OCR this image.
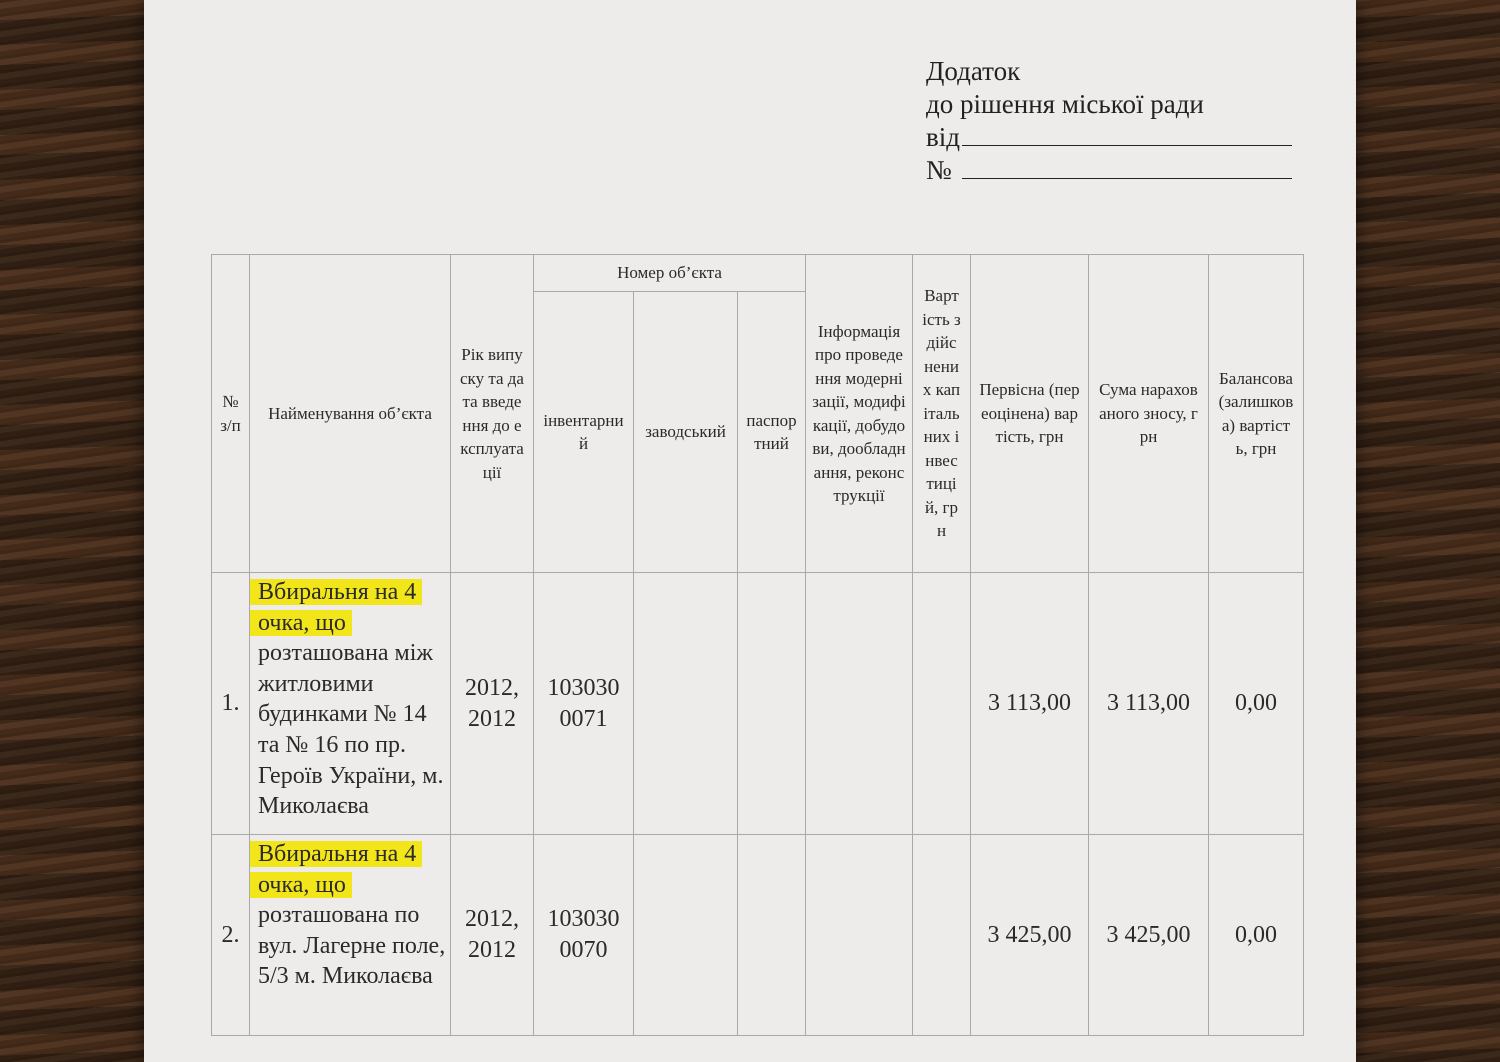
Додаток
до рішення міської ради
від
№
№ з/п	Найменування об’єкта	Рік випуску та дата введення до експлуатації	Номер об’єкта			Інформація про проведення модернізації, модифікації, добудови, дообладнання, реконструкції	Вартість здійснених капітальних інвестицій, грн	Первісна (переоцінена) вартість, грн	Сума нарахованого зносу, грн	Балансова (залишкова) вартість, грн
			інвентарний	заводський	паспортний					
1.	Вбиральня на 4
очка, що
розташована між житловими будинками № 14 та № 16 по пр. Героїв України, м. Миколаєва	2012, 2012	1030300071					3 113,00	3 113,00	0,00
2.	Вбиральня на 4
очка, що
розташована по вул. Лагерне поле, 5/3 м. Миколаєва	2012, 2012	1030300070					3 425,00	3 425,00	0,00
